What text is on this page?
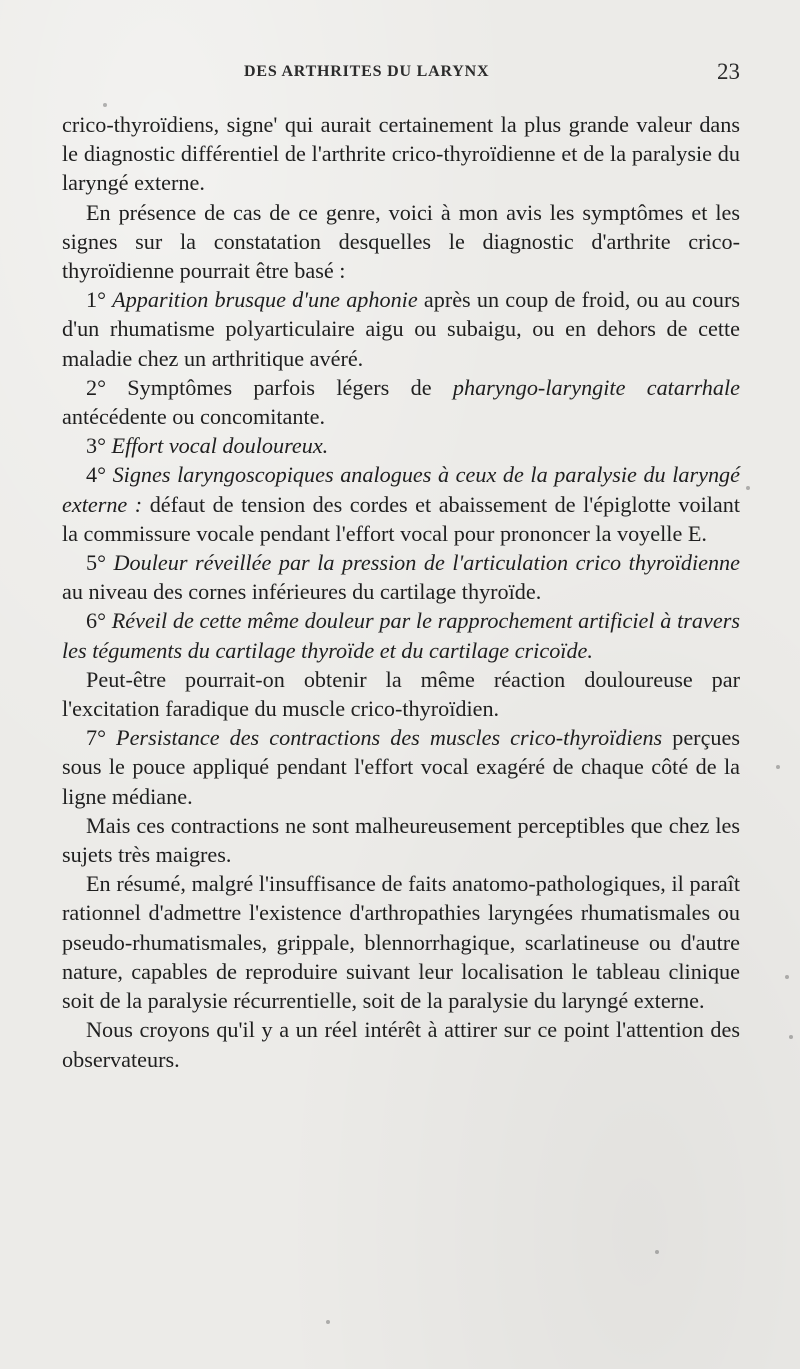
DES ARTHRITES DU LARYNX	23

crico-thyroïdiens, signe' qui aurait certainement la plus grande valeur dans le diagnostic différentiel de l'arthrite crico-thyroïdienne et de la paralysie du laryngé externe.

En présence de cas de ce genre, voici à mon avis les symptômes et les signes sur la constatation desquelles le diagnostic d'arthrite crico-thyroïdienne pourrait être basé :

1° Apparition brusque d'une aphonie après un coup de froid, ou au cours d'un rhumatisme polyarticulaire aigu ou subaigu, ou en dehors de cette maladie chez un arthritique avéré.

2° Symptômes parfois légers de pharyngo-laryngite catarrhale antécédente ou concomitante.

3° Effort vocal douloureux.

4° Signes laryngoscopiques analogues à ceux de la paralysie du laryngé externe : défaut de tension des cordes et abaissement de l'épiglotte voilant la commissure vocale pendant l'effort vocal pour prononcer la voyelle E.

5° Douleur réveillée par la pression de l'articulation crico thyroïdienne au niveau des cornes inférieures du cartilage thyroïde.

6° Réveil de cette même douleur par le rapprochement artificiel à travers les téguments du cartilage thyroïde et du cartilage cricoïde.

Peut-être pourrait-on obtenir la même réaction douloureuse par l'excitation faradique du muscle crico-thyroïdien.

7° Persistance des contractions des muscles crico-thyroïdiens perçues sous le pouce appliqué pendant l'effort vocal exagéré de chaque côté de la ligne médiane.

Mais ces contractions ne sont malheureusement perceptibles que chez les sujets très maigres.

En résumé, malgré l'insuffisance de faits anatomo-pathologiques, il paraît rationnel d'admettre l'existence d'arthropathies laryngées rhumatismales ou pseudo-rhumatismales, grippale, blennorrhagique, scarlatineuse ou d'autre nature, capables de reproduire suivant leur localisation le tableau clinique soit de la paralysie récurrentielle, soit de la paralysie du laryngé externe.

Nous croyons qu'il y a un réel intérêt à attirer sur ce point l'attention des observateurs.
